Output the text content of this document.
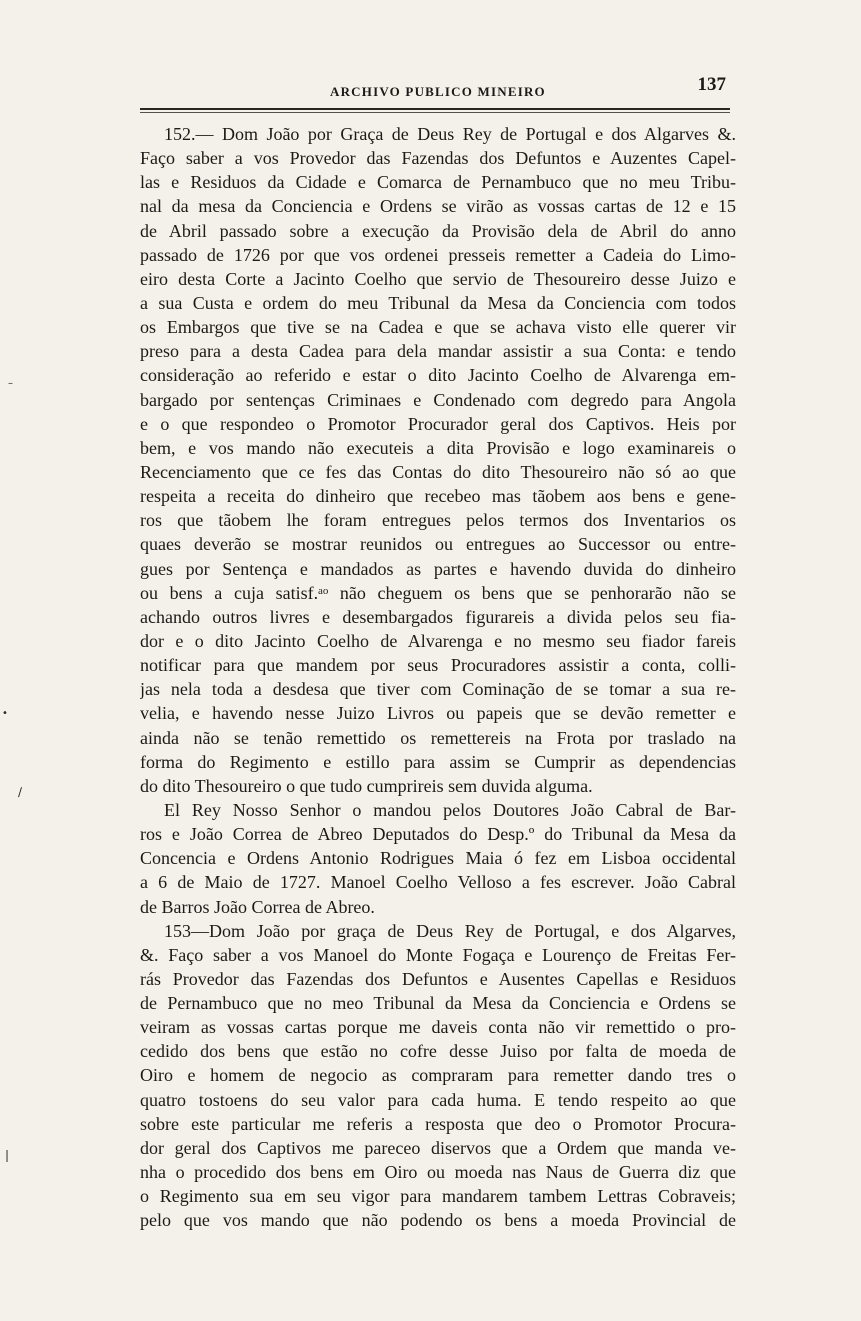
ARCHIVO PUBLICO MINEIRO	137
152.— Dom João por Graça de Deus Rey de Portugal e dos Algarves &.
Faço saber a vos Provedor das Fazendas dos Defuntos e Auzentes Capel-
las e Residuos da Cidade e Comarca de Pernambuco que no meu Tribu-
nal da mesa da Conciencia e Ordens se virão as vossas cartas de 12 e 15
de Abril passado sobre a execução da Provisão dela de Abril do anno
passado de 1726 por que vos ordenei presseis remetter a Cadeia do Limo-
eiro desta Corte a Jacinto Coelho que servio de Thesoureiro desse Juizo e
a sua Custa e ordem do meu Tribunal da Mesa da Conciencia com todos
os Embargos que tive se na Cadea e que se achava visto elle querer vir
preso para a desta Cadea para dela mandar assistir a sua Conta: e tendo
consideração ao referido e estar o dito Jacinto Coelho de Alvarenga em-
bargado por sentenças Criminaes e Condenado com degredo para Angola
e o que respondeo o Promotor Procurador geral dos Captivos. Heis por
bem, e vos mando não executeis a dita Provisão e logo examinareis o
Recenciamento que ce fes das Contas do dito Thesoureiro não só ao que
respeita a receita do dinheiro que recebeo mas tãobem aos bens e gene-
ros que tãobem lhe foram entregues pelos termos dos Inventarios os
quaes deverão se mostrar reunidos ou entregues ao Successor ou entre-
gues por Sentença e mandados as partes e havendo duvida do dinheiro
ou bens a cuja satisf.ᵃᵒ não cheguem os bens que se penhorarão não se
achando outros livres e desembargados figurareis a divida pelos seu fia-
dor e o dito Jacinto Coelho de Alvarenga e no mesmo seu fiador fareis
notificar para que mandem por seus Procuradores assistir a conta, colli-
jas nela toda a desdesa que tiver com Cominação de se tomar a sua re-
velia, e havendo nesse Juizo Livros ou papeis que se devão remetter e
ainda não se tenão remettido os remettereis na Frota por traslado na
forma do Regimento e estillo para assim se Cumprir as dependencias
do dito Thesoureiro o que tudo cumprireis sem duvida alguma.
El Rey Nosso Senhor o mandou pelos Doutores João Cabral de Bar-
ros e João Correa de Abreo Deputados do Desp.º do Tribunal da Mesa da
Concencia e Ordens Antonio Rodrigues Maia ó fez em Lisboa occidental
a 6 de Maio de 1727. Manoel Coelho Velloso a fes escrever. João Cabral
de Barros João Correa de Abreo.
153—Dom João por graça de Deus Rey de Portugal, e dos Algarves,
&. Faço saber a vos Manoel do Monte Fogaça e Lourenço de Freitas Fer-
rás Provedor das Fazendas dos Defuntos e Ausentes Capellas e Residuos
de Pernambuco que no meo Tribunal da Mesa da Conciencia e Ordens se
veiram as vossas cartas porque me daveis conta não vir remettido o pro-
cedido dos bens que estão no cofre desse Juiso por falta de moeda de
Oiro e homem de negocio as compraram para remetter dando tres o
quatro tostoens do seu valor para cada huma. E tendo respeito ao que
sobre este particular me referis a resposta que deo o Promotor Procura-
dor geral dos Captivos me pareceo diservos que a Ordem que manda ve-
nha o procedido dos bens em Oiro ou moeda nas Naus de Guerra diz que
o Regimento sua em seu vigor para mandarem tambem Lettras Cobraveis;
pelo que vos mando que não podendo os bens a moeda Provincial de
–
•
∕
❘
